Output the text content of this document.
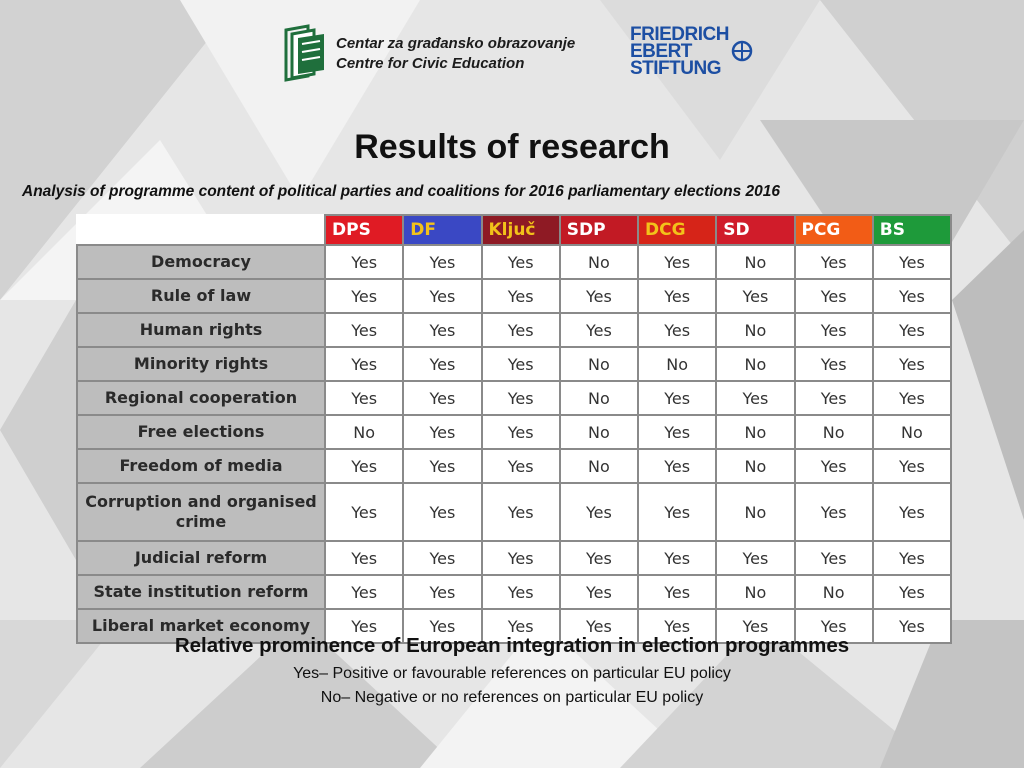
Centar za građansko obrazovanje
Centre for Civic Education
FRIEDRICH
EBERT
STIFTUNG
Results of research
Analysis of programme content of political parties and coalitions for 2016 parliamentary elections 2016
	DPS	DF	Ključ	SDP	DCG	SD	PCG	BS
Democracy	Yes	Yes	Yes	No	Yes	No	Yes	Yes
Rule of law	Yes	Yes	Yes	Yes	Yes	Yes	Yes	Yes
Human rights	Yes	Yes	Yes	Yes	Yes	No	Yes	Yes
Minority rights	Yes	Yes	Yes	No	No	No	Yes	Yes
Regional cooperation	Yes	Yes	Yes	No	Yes	Yes	Yes	Yes
Free elections	No	Yes	Yes	No	Yes	No	No	No
Freedom of media	Yes	Yes	Yes	No	Yes	No	Yes	Yes
Corruption and organised crime	Yes	Yes	Yes	Yes	Yes	No	Yes	Yes
Judicial reform	Yes	Yes	Yes	Yes	Yes	Yes	Yes	Yes
State institution reform	Yes	Yes	Yes	Yes	Yes	No	No	Yes
Liberal market economy	Yes	Yes	Yes	Yes	Yes	Yes	Yes	Yes
Relative prominence of European integration in election programmes
Yes– Positive or favourable references on particular EU policy
No– Negative or no references on particular EU policy
